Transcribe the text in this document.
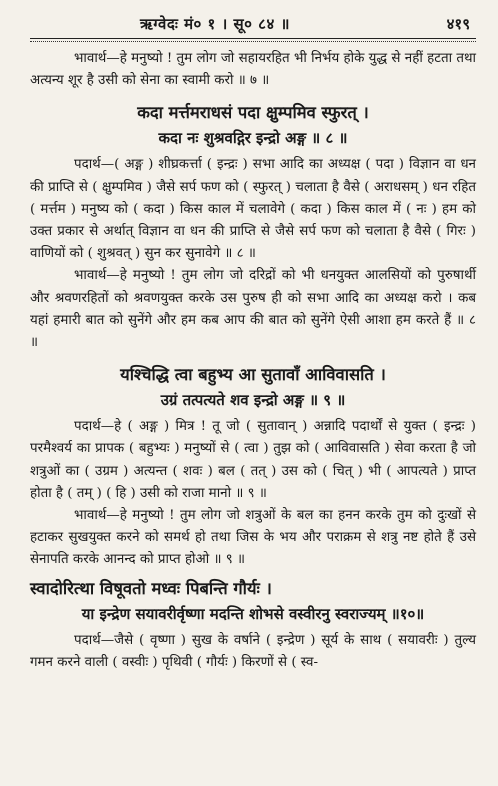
ऋग्वेदः मं० १ । सू० ८४ ॥	४१९

भावार्थ—हे मनुष्यो ! तुम लोग जो सहायरहित भी निर्भय होके युद्ध से नहीं हटता तथा अत्यन्य शूर है उसी को सेना का स्वामी करो ॥ ७ ॥

कदा मर्त्तमराधसं पदा क्षुम्पमिव स्फुरत् ।

कदा नः शुश्रवद्गिर इन्द्रो अङ्ग ॥ ८ ॥

पदार्थ—( अङ्ग ) शीघ्रकर्त्ता ( इन्द्रः ) सभा आदि का अध्यक्ष ( पदा ) विज्ञान वा धन की प्राप्ति से ( क्षुम्पमिव ) जैसे सर्प फण को ( स्फुरत् ) चलाता है वैसे ( अराधसम् ) धन रहित ( मर्त्तम ) मनुष्य को ( कदा ) किस काल में चलावेगे ( कदा ) किस काल में ( नः ) हम को उक्त प्रकार से अर्थात् विज्ञान वा धन की प्राप्ति से जैसे सर्प फण को चलाता है वैसे ( गिरः ) वाणियों को ( शुश्रवत् ) सुन कर सुनावेगे ॥ ८ ॥

भावार्थ—हे मनुष्यो ! तुम लोग जो दरिद्रों को भी धनयुक्त आलसियों को पुरुषार्थी और श्रवणरहितों को श्रवणयुक्त करके उस पुरुष ही को सभा आदि का अध्यक्ष करो । कब यहां हमारी बात को सुनेंगे और हम कब आप की बात को सुनेंगे ऐसी आशा हम करते हैं ॥ ८ ॥

यश्चिद्धि त्वा बहुभ्य आ सुतावाँ आविवासति ।

उग्रं तत्पत्यते शव इन्द्रो अङ्ग ॥ ९ ॥

पदार्थ—हे ( अङ्ग ) मित्र ! तू जो ( सुतावान् ) अन्नादि पदार्थों से युक्त ( इन्द्रः ) परमैश्वर्य का प्रापक ( बहुभ्यः ) मनुष्यों से ( त्वा ) तुझ को ( आविवासति ) सेवा करता है जो शत्रुओं का ( उग्रम ) अत्यन्त ( शवः ) बल ( तत् ) उस को ( चित् ) भी ( आपत्यते ) प्राप्त होता है ( तम् ) ( हि ) उसी को राजा मानो ॥ ९ ॥

भावार्थ—हे मनुष्यो ! तुम लोग जो शत्रुओं के बल का हनन करके तुम को दुःखों से हटाकर सुखयुक्त करने को समर्थ हो तथा जिस के भय और पराक्रम से शत्रु नष्ट होते हैं उसे सेनापति करके आनन्द को प्राप्त होओ ॥ ९ ॥

स्वादोरित्था विषूवतो मध्वः पिबन्ति गौर्यः ।

या इन्द्रेण सयावरीर्वृष्णा मदन्ति शोभसे वस्वीरनु स्वराज्यम् ॥१०॥

पदार्थ—जैसे ( वृष्णा ) सुख के वर्षाने ( इन्द्रेण ) सूर्य के साथ ( सयावरीः ) तुल्य गमन करने वाली ( वस्वीः ) पृथिवी ( गौर्यः ) किरणों से ( स्व-
